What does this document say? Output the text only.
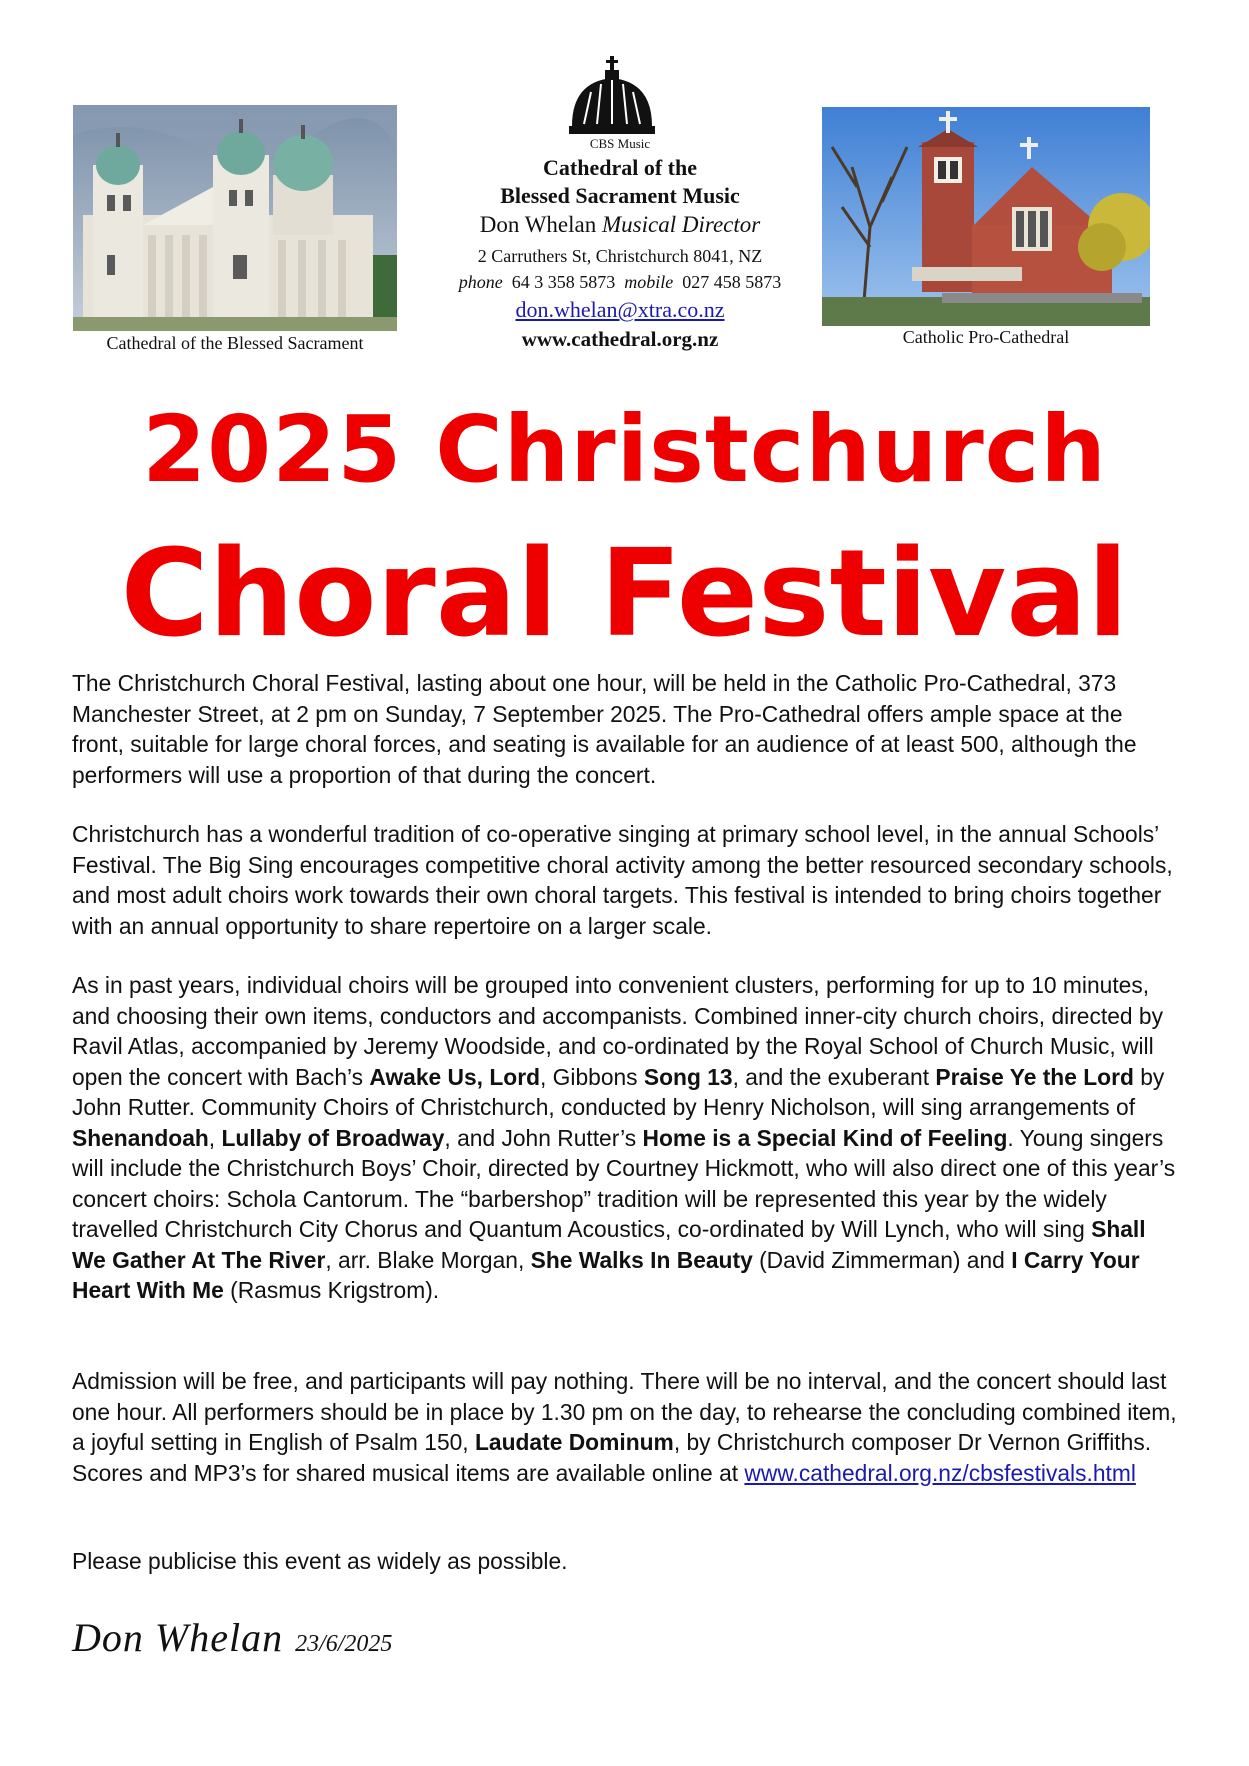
Cathedral of the Blessed Sacrament	Catholic Pro-Cathedral
CBS Music
Cathedral of the
Blessed Sacrament Music
Don Whelan Musical Director
2 Carruthers St, Christchurch 8041, NZ
phone 64 3 358 5873 mobile 027 458 5873
don.whelan@xtra.co.nz
www.cathedral.org.nz
2025 Christchurch
Choral Festival
The Christchurch Choral Festival, lasting about one hour, will be held in the Catholic Pro-Cathedral, 373 Manchester Street, at 2 pm on Sunday, 7 September 2025. The Pro-Cathedral offers ample space at the front, suitable for large choral forces, and seating is available for an audience of at least 500, although the performers will use a proportion of that during the concert.
Christchurch has a wonderful tradition of co-operative singing at primary school level, in the annual Schools’ Festival. The Big Sing encourages competitive choral activity among the better resourced secondary schools, and most adult choirs work towards their own choral targets. This festival is intended to bring choirs together with an annual opportunity to share repertoire on a larger scale.
As in past years, individual choirs will be grouped into convenient clusters, performing for up to 10 minutes, and choosing their own items, conductors and accompanists. Combined inner-city church choirs, directed by Ravil Atlas, accompanied by Jeremy Woodside, and co-ordinated by the Royal School of Church Music, will open the concert with Bach’s Awake Us, Lord, Gibbons Song 13, and the exuberant Praise Ye the Lord by John Rutter. Community Choirs of Christchurch, conducted by Henry Nicholson, will sing arrangements of Shenandoah, Lullaby of Broadway, and John Rutter’s Home is a Special Kind of Feeling. Young singers will include the Christchurch Boys’ Choir, directed by Courtney Hickmott, who will also direct one of this year’s concert choirs: Schola Cantorum. The “barbershop” tradition will be represented this year by the widely travelled Christchurch City Chorus and Quantum Acoustics, co-ordinated by Will Lynch, who will sing Shall We Gather At The River, arr. Blake Morgan, She Walks In Beauty (David Zimmerman) and I Carry Your Heart With Me (Rasmus Krigstrom).
Admission will be free, and participants will pay nothing. There will be no interval, and the concert should last one hour. All performers should be in place by 1.30 pm on the day, to rehearse the concluding combined item, a joyful setting in English of Psalm 150, Laudate Dominum, by Christchurch composer Dr Vernon Griffiths. Scores and MP3’s for shared musical items are available online at www.cathedral.org.nz/cbsfestivals.html
Please publicise this event as widely as possible.
Don Whelan 23/6/2025
